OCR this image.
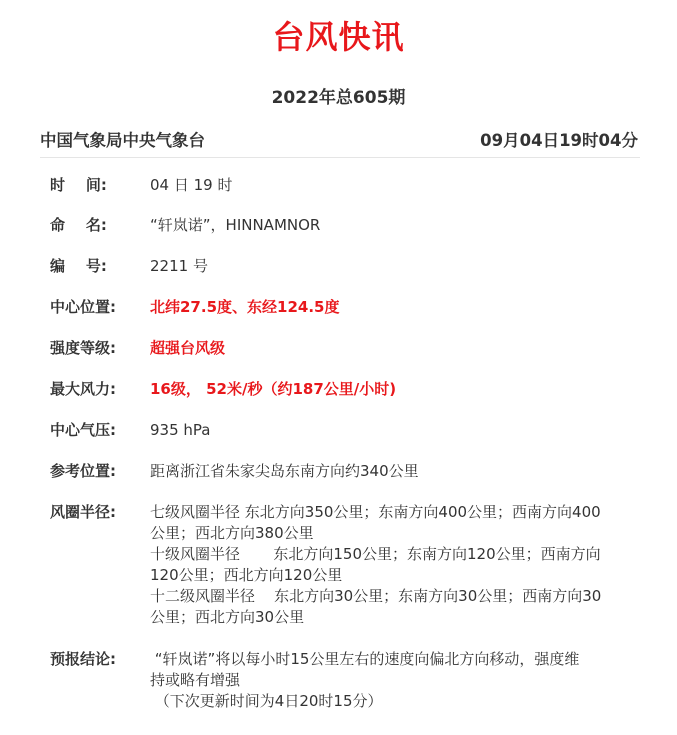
台风快讯
2022年总605期
中国气象局中央气象台	09月04日19时04分
时    间:	04 日 19 时
命    名:	“轩岚诺”，HINNAMNOR
编    号:	2211 号
中心位置:	北纬27.5度、东经124.5度
强度等级:	超强台风级
最大风力:	16级， 52米/秒（约187公里/小时)
中心气压:	935 hPa
参考位置:	距离浙江省朱家尖岛东南方向约340公里
风圈半径:	七级风圈半径 东北方向350公里；东南方向400公里；西南方向400
公里；西北方向380公里
十级风圈半径       东北方向150公里；东南方向120公里；西南方向
120公里；西北方向120公里
十二级风圈半径    东北方向30公里；东南方向30公里；西南方向30
公里；西北方向30公里
预报结论:	“轩岚诺”将以每小时15公里左右的速度向偏北方向移动，强度维
持或略有增强
（下次更新时间为4日20时15分）
